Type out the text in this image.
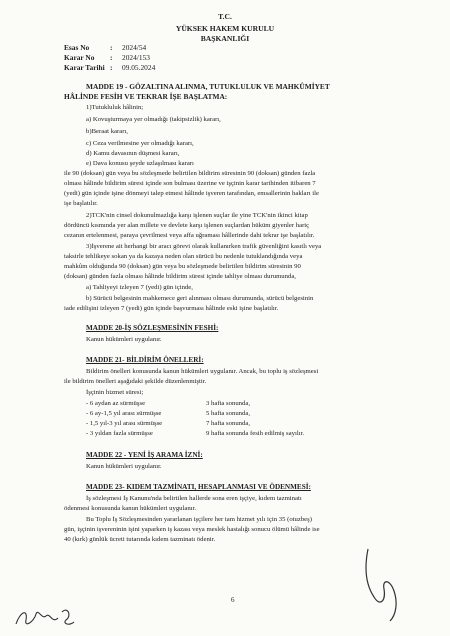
T.C.
YÜKSEK HAKEM KURULU
BAŞKANLIĞI
Esas No	:	2024/54
Karar No	:	2024/153
Karar Tarihi :	09.05.2024
MADDE 19 - GÖZALTINA ALINMA, TUTUKLULUK VE MAHKÛMİYET
HÂLİNDE FESİH VE TEKRAR İŞE BAŞLATMA:
1)Tutukluluk hâlinin;
a) Kovuşturmaya yer olmadığı (takipsizlik) kararı,
b)Beraat kararı,
c) Ceza verilmesine yer olmadığı kararı,
d) Kamu davasının düşmesi kararı,
e) Dava konusu şeyde uzlaşılması kararı
ile 90 (doksan) gün veya bu sözleşmede belirtilen bildirim süresinin 90 (doksan) günden fazla
olması hâlinde bildirim süresi içinde son bulması üzerine ve işçinin karar tarihinden itibaren 7
(yedi) gün içinde işine dönmeyi talep etmesi hâlinde işveren tarafından, emsallerinin hakları ile
işe başlatılır.
2)TCK'nin cinsel dokunulmazlığa karşı işlenen suçlar ile yine TCK'nin ikinci kitap
dördüncü kısmında yer alan millete ve devlete karşı işlenen suçlardan hüküm giyenler hariç
cezanın ertelenmesi, paraya çevrilmesi veya affa uğraması hâllerinde dahi tekrar işe başlatılır.
3)İşverene ait herhangi bir aracı görevi olarak kullanırken trafik güvenliğini kasıtlı veya
taksirle tehlikeye sokan ya da kazaya neden olan sürücü bu nedenle tutuklandığında veya
mahkûm olduğunda 90 (doksan) gün veya bu sözleşmede belirtilen bildirim süresinin 90
(doksan) günden fazla olması hâlinde bildirim süresi içinde tahliye olması durumunda,
a) Tahliyeyi izleyen 7 (yedi) gün içinde,
b) Sürücü belgesinin mahkemece geri alınması olması durumunda, sürücü belgesinin
iade edilişini izleyen 7 (yedi) gün içinde başvurması hâlinde eski işine başlatılır.
MADDE 20-İŞ SÖZLEŞMESİNİN FESHİ:
Kanun hükümleri uygulanır.
MADDE 21- BİLDİRİM ÖNELLERİ:
Bildirim önelleri konusunda kanun hükümleri uygulanır. Ancak, bu toplu iş sözleşmesi
ile bildirim önelleri aşağıdaki şekilde düzenlenmiştir.
İşçinin hizmet süresi;
- 6 aydan az sürmüşse	3 hafta sonunda,
- 6 ay-1,5 yıl arası sürmüşse	5 hafta sonunda,
- 1,5 yıl-3 yıl arası sürmüşse	7 hafta sonunda,
- 3 yıldan fazla sürmüşse	9 hafta sonunda fesih edilmiş sayılır.
MADDE 22 - YENİ İŞ ARAMA İZNİ:
Kanun hükümleri uygulanır.
MADDE 23- KIDEM TAZMİNATI, HESAPLANMASI VE ÖDENMESİ:
İş sözleşmesi İş Kanunu'nda belirtilen hallerde sona eren işçiye, kıdem tazminatı
ödenmesi konusunda kanun hükümleri uygulanır.
Bu Toplu İş Sözleşmesinden yararlanan işçilere her tam hizmet yılı için 35 (otuzbeş)
gün, işçinin işvereninin işini yaparken iş kazası veya meslek hastalığı sonucu ölümü hâlinde ise
40 (kırk) günlük ücreti tutarında kıdem tazminatı ödenir.
6
